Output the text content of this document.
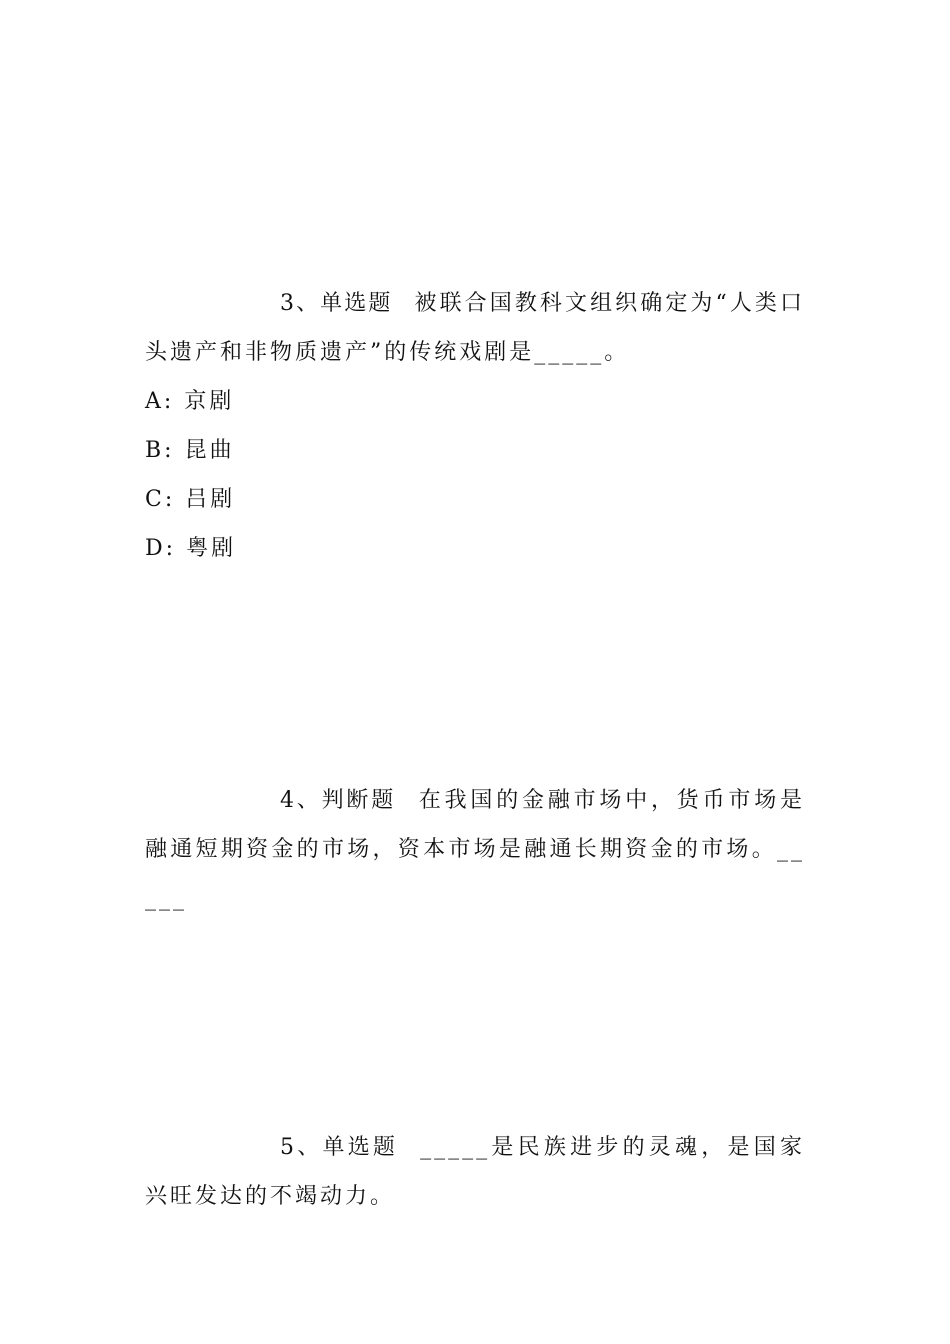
3、单选题 被联合国教科文组织确定为“人类口头遗产和非物质遗产”的传统戏剧是_____。

A: 京剧
B: 昆曲
C: 吕剧
D: 粤剧

4、判断题 在我国的金融市场中，货币市场是融通短期资金的市场，资本市场是融通长期资金的市场。_____

5、单选题 _____是民族进步的灵魂，是国家兴旺发达的不竭动力。
